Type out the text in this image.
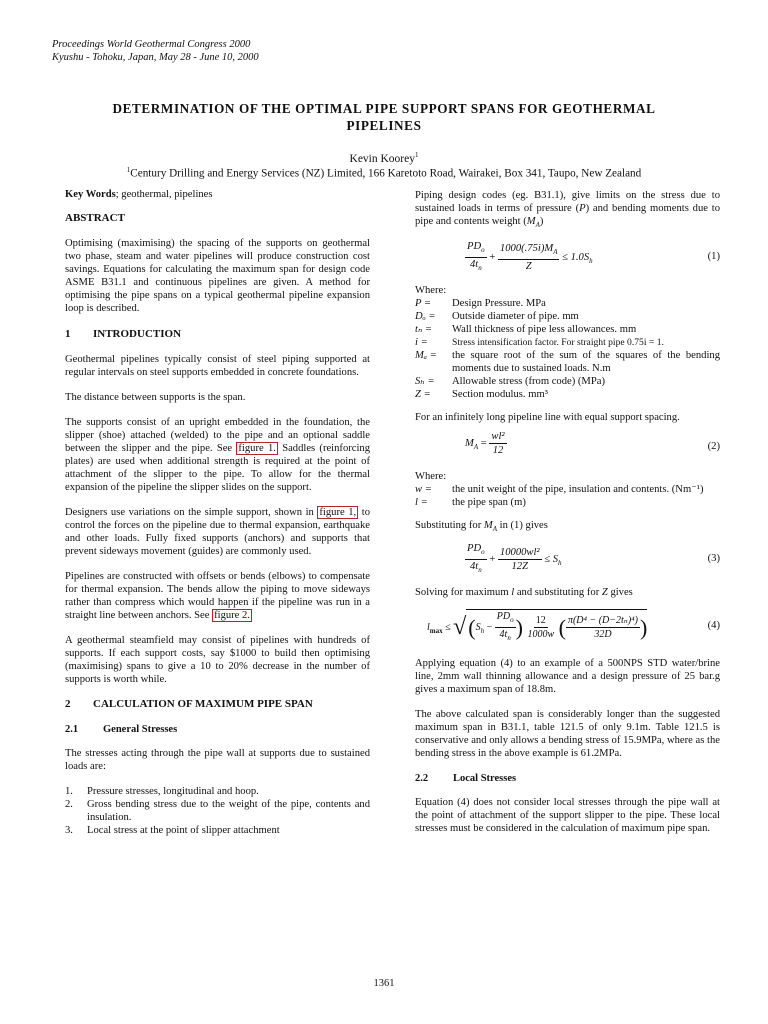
Proceedings World Geothermal Congress 2000
Kyushu - Tohoku, Japan, May 28 - June 10, 2000
DETERMINATION OF THE OPTIMAL PIPE SUPPORT SPANS FOR GEOTHERMAL
PIPELINES
Kevin Koorey$^1$
$^1$Century Drilling and Energy Services (NZ) Limited, 166 Karetoto Road, Wairakei, Box 341, Taupo, New Zealand

Key Words; geothermal, pipelines

ABSTRACT

Optimising (maximising) the spacing of the supports on geothermal two phase, steam and water pipelines will produce construction cost savings. Equations for calculating the maximum span for design code ASME B31.1 and continuous pipelines are given. A method for optimising the pipe spans on a typical geothermal pipeline expansion loop is described.

1 INTRODUCTION

Geothermal pipelines typically consist of steel piping supported at regular intervals on steel supports embedded in concrete foundations.

The distance between supports is the span.

The supports consist of an upright embedded in the foundation, the slipper (shoe) attached (welded) to the pipe and an optional saddle between the slipper and the pipe. See figure 1. Saddles (reinforcing plates) are used when additional strength is required at the point of attachment of the slipper to the pipe. To allow for the thermal expansion of the pipeline the slipper slides on the support.

Designers use variations on the simple support, shown in figure 1, to control the forces on the pipeline due to thermal expansion, earthquake and other loads. Fully fixed supports (anchors) and supports that prevent sideways movement (guides) are commonly used.

Pipelines are constructed with offsets or bends (elbows) to compensate for thermal expansion. The bends allow the piping to move sideways rather than compress which would happen if the pipeline was run in a straight line between anchors. See figure 2.

A geothermal steamfield may consist of pipelines with hundreds of supports. If each support costs, say $1000 to build then optimising (maximising) spans to give a 10 to 20% decrease in the number of supports is worth while.

2 CALCULATION OF MAXIMUM PIPE SPAN
2.1 General Stresses

The stresses acting through the pipe wall at supports due to sustained loads are:

1. Pressure stresses, longitudinal and hoop.
2. Gross bending stress due to the weight of the pipe, contents and insulation.
3. Local stress at the point of slipper attachment

Piping design codes (eg. B31.1), give limits on the stress due to sustained loads in terms of pressure (P) and bending moments due to pipe and contents weight $(M_A)$

$\frac{PD_o}{4t_n} + \frac{1000(.75i)M_A}{Z} \le 1.0S_h$	(1)
Where:
P =	Design Pressure. MPa
Dₒ =	Outside diameter of pipe. mm
tₙ =	Wall thickness of pipe less allowances. mm
i =	Stress intensification factor. For straight pipe 0.75i = 1.
Mₐ =	the square root of the sum of the squares of the bending moments due to sustained loads. N.m
Sₕ =	Allowable stress (from code) (MPa)
Z =	Section modulus. mm³

For an infinitely long pipeline line with equal support spacing.

$M_A = \frac{\text{wl²}}{12}$	(2)
Where:
w =	the unit weight of the pipe, insulation and contents. (Nm⁻¹)
l =	the pipe span (m)

Substituting for $M_A$ in (1) gives

$\frac{PD_o}{4t_n} + \frac{\text{10000wl²}}{12Z} \le S_h$	(3)

Solving for maximum l and substituting for Z gives

$l_{max} \le √(S_h - \frac{PD_o}{4t_n}$ ) $\frac{12}{1000w}$ ( $\frac{\text{π(D⁴ − (D−2tₙ)⁴)}}{32D}$ )	(4)

Applying equation (4) to an example of a 500NPS STD water/brine line, 2mm wall thinning allowance and a design pressure of 25 bar.g gives a maximum span of 18.8m.

The above calculated span is considerably longer than the suggested maximum span in B31.1, table 121.5 of only 9.1m. Table 121.5 is conservative and only allows a bending stress of 15.9MPa, where as the bending stress in the above example is 61.2MPa.

2.2 Local Stresses

Equation (4) does not consider local stresses through the pipe wall at the point of attachment of the support slipper to the pipe. These local stresses must be considered in the calculation of maximum pipe span.

1361
